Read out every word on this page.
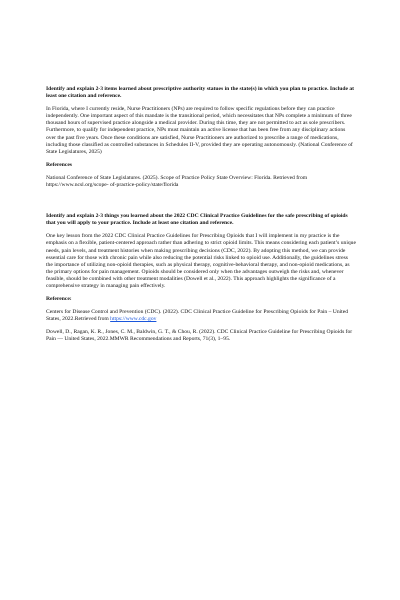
Identify and explain 2-3 items learned about prescriptive authority statues in the state(s) in which you plan to practice. Include at least one citation and reference.
In Florida, where I currently reside, Nurse Practitioners (NPs) are required to follow specific regulations before they can practice independently. One important aspect of this mandate is the transitional period, which necessitates that NPs complete a minimum of three thousand hours of supervised practice alongside a medical provider. During this time, they are not permitted to act as sole prescribers. Furthermore, to qualify for independent practice, NPs must maintain an active license that has been free from any disciplinary actions over the past five years. Once these conditions are satisfied, Nurse Practitioners are authorized to prescribe a range of medications, including those classified as controlled substances in Schedules II-V, provided they are operating autonomously. (National Conference of State Legislatures, 2025)
References
National Conference of State Legislatures. (2025). Scope of Practice Policy State Overview: Florida. Retrieved from https://www.ncsl.org/scope- of-practice-policy/state/florida
Identify and explain 2-3 things you learned about the 2022 CDC Clinical Practice Guidelines for the safe prescribing of opioids that you will apply to your practice. Include at least one citation and reference.
One key lesson from the 2022 CDC Clinical Practice Guidelines for Prescribing Opioids that I will implement in my practice is the emphasis on a flexible, patient-centered approach rather than adhering to strict opioid limits. This means considering each patient’s unique needs, pain levels, and treatment histories when making prescribing decisions (CDC, 2022). By adopting this method, we can provide essential care for those with chronic pain while also reducing the potential risks linked to opioid use. Additionally, the guidelines stress the importance of utilizing non-opioid therapies, such as physical therapy, cognitive-behavioral therapy, and non-opioid medications, as the primary options for pain management. Opioids should be considered only when the advantages outweigh the risks and, whenever feasible, should be combined with other treatment modalities (Dowell et al., 2022). This approach highlights the significance of a comprehensive strategy in managing pain effectively.
Reference:
Centers for Disease Control and Prevention (CDC). (2022). CDC Clinical Practice Guideline for Prescribing Opioids for Pain – United States, 2022.Retrieved from https://www.cdc.gov
Dowell, D., Ragan, K. R., Jones, C. M., Baldwin, G. T., & Chou, R. (2022). CDC Clinical Practice Guideline for Prescribing Opioids for Pain — United States, 2022.MMWR Recommendations and Reports, 71(3), 1–95.
